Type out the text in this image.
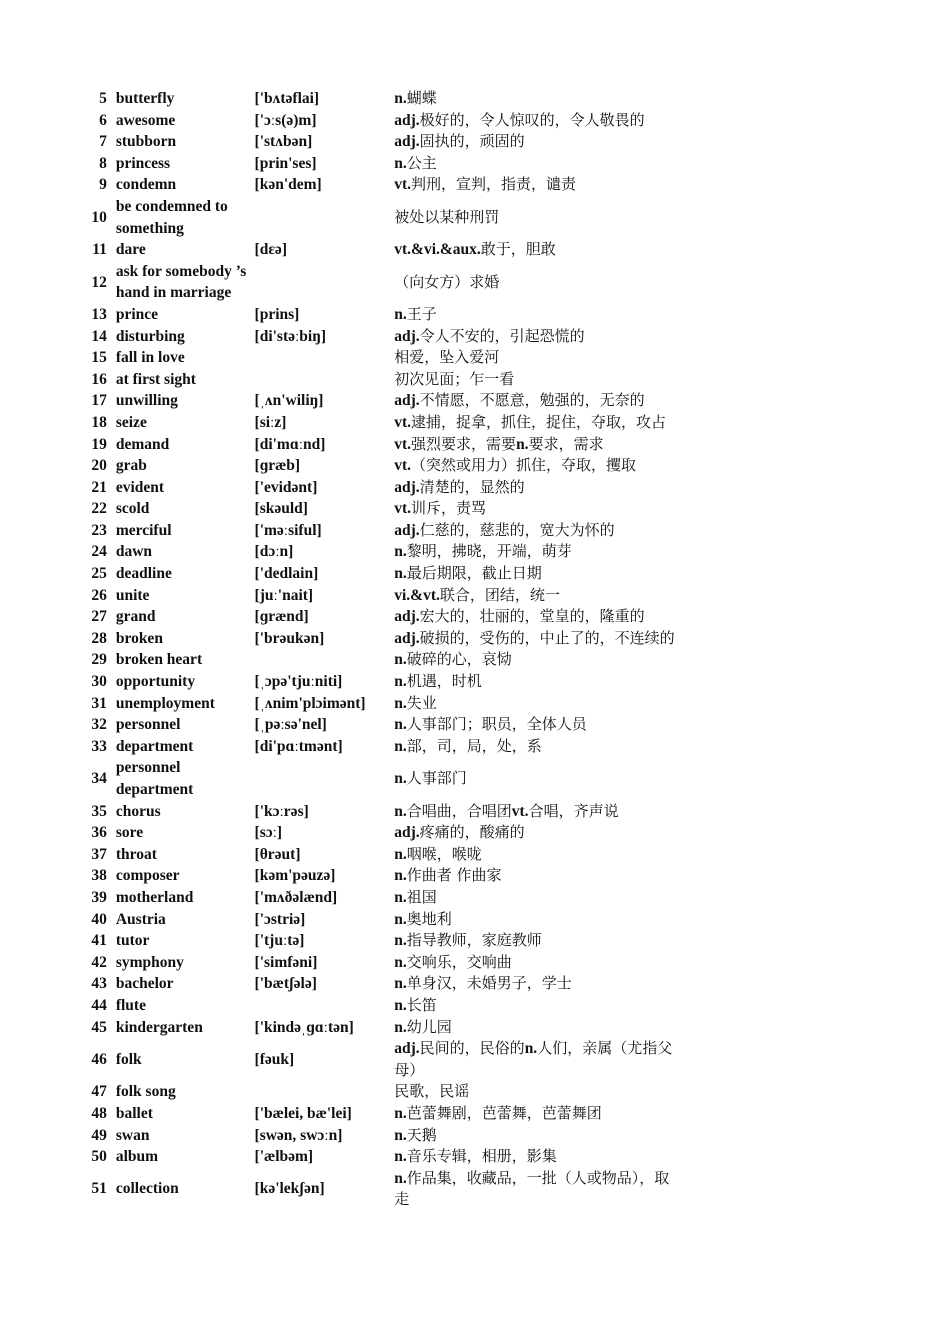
5	butterfly	['bʌtəflai]	n.蝴蝶
6	awesome	['ɔːs(ə)m]	adj.极好的，令人惊叹的，令人敬畏的
7	stubborn	['stʌbən]	adj.固执的，顽固的
8	princess	[prin'ses]	n.公主
9	condemn	[kən'dem]	vt.判刑，宣判，指责，谴责
10	be condemned to something		被处以某种刑罚
11	dare	[dɛə]	vt.&vi.&aux.敢于，胆敢
12	ask for somebody ’s hand in marriage		（向女方）求婚
13	prince	[prins]	n.王子
14	disturbing	[di'stəːbiŋ]	adj.令人不安的，引起恐慌的
15	fall in love		相爱，坠入爱河
16	at first sight		初次见面；乍一看
17	unwilling	[ˌʌn'wiliŋ]	adj.不情愿，不愿意，勉强的，无奈的
18	seize	[siːz]	vt.逮捕，捉拿，抓住，捉住，夺取，攻占
19	demand	[di'mɑːnd]	vt.强烈要求，需要n.要求，需求
20	grab	[ɡræb]	vt.（突然或用力）抓住，夺取，攫取
21	evident	['evidənt]	adj.清楚的，显然的
22	scold	[skəuld]	vt.训斥，责骂
23	merciful	['məːsiful]	adj.仁慈的，慈悲的，宽大为怀的
24	dawn	[dɔːn]	n.黎明，拂晓，开端，萌芽
25	deadline	['dedlain]	n.最后期限，截止日期
26	unite	[juː'nait]	vi.&vt.联合，团结，统一
27	grand	[ɡrænd]	adj.宏大的，壮丽的，堂皇的，隆重的
28	broken	['brəukən]	adj.破损的，受伤的，中止了的，不连续的
29	broken heart		n.破碎的心，哀恸
30	opportunity	[ˌɔpə'tjuːniti]	n.机遇，时机
31	unemployment	[ˌʌnim'plɔimənt]	n.失业
32	personnel	[ˌpəːsə'nel]	n.人事部门；职员，全体人员
33	department	[di'pɑːtmənt]	n.部，司，局，处，系
34	personnel department		n.人事部门
35	chorus	['kɔːrəs]	n.合唱曲，合唱团vt.合唱，齐声说
36	sore	[sɔː]	adj.疼痛的，酸痛的
37	throat	[θrəut]	n.咽喉，喉咙
38	composer	[kəm'pəuzə]	n.作曲者 作曲家
39	motherland	['mʌðəlænd]	n.祖国
40	Austria	['ɔstriə]	n.奥地利
41	tutor	['tjuːtə]	n.指导教师，家庭教师
42	symphony	['simfəni]	n.交响乐，交响曲
43	bachelor	['bætʃələ]	n.单身汉，未婚男子，学士
44	flute		n.长笛
45	kindergarten	['kindəˌɡɑːtən]	n.幼儿园
46	folk	[fəuk]	adj.民间的，民俗的n.人们，亲属（尤指父母）
47	folk song		民歌，民谣
48	ballet	['bælei, bæ'lei]	n.芭蕾舞剧，芭蕾舞，芭蕾舞团
49	swan	[swən, swɔːn]	n.天鹅
50	album	['ælbəm]	n.音乐专辑，相册，影集
51	collection	[kə'lekʃən]	n.作品集，收藏品，一批（人或物品），取走
